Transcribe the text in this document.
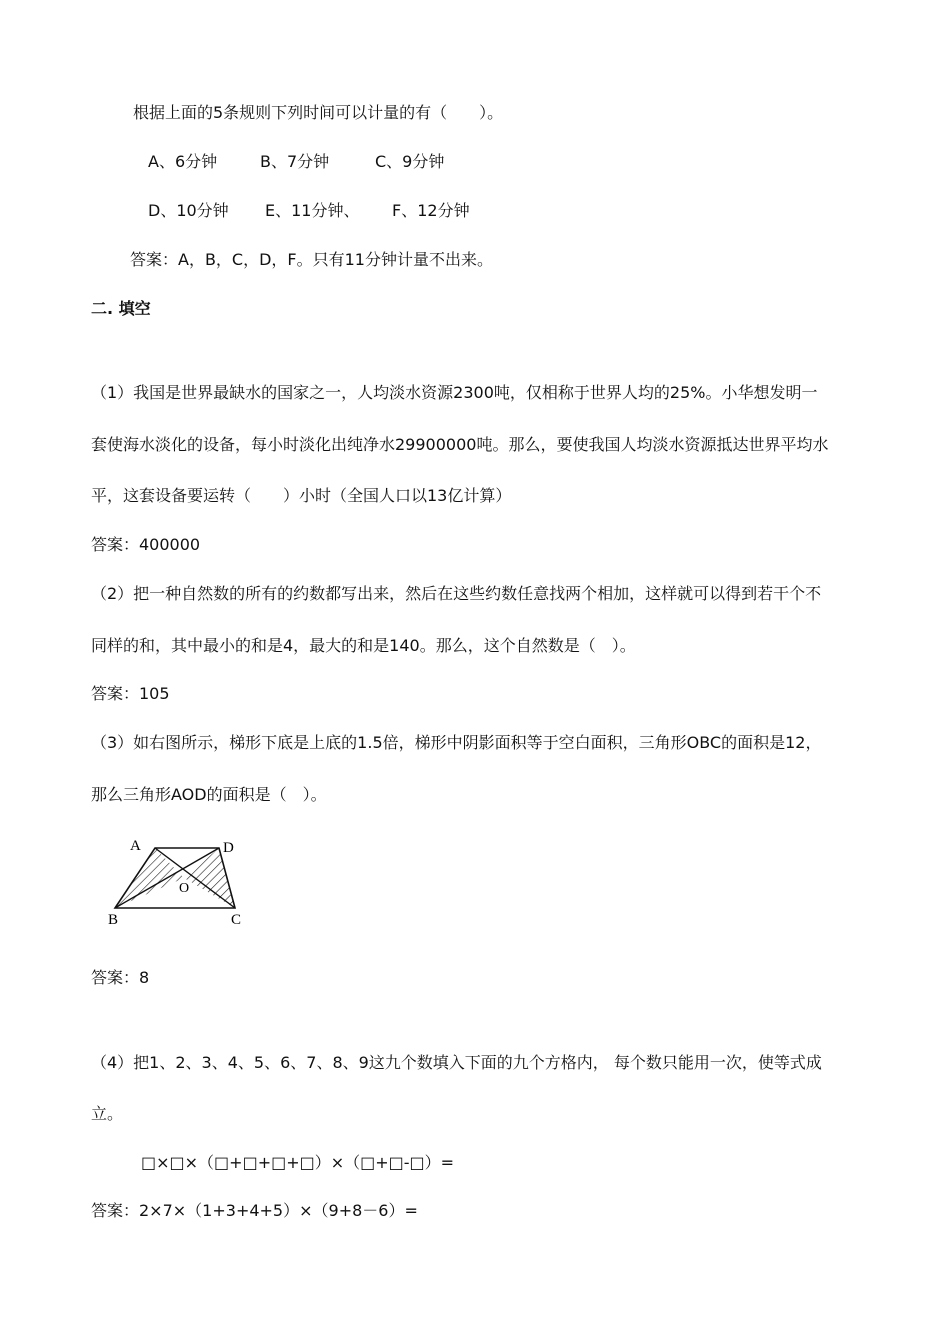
根据上面的5条规则下列时间可以计量的有（　　）。
A、6分钟	B、7分钟	C、9分钟
D、10分钟 E、11分钟、 F、12分钟
答案：A，B，C，D，F。只有11分钟计量不出来。
二. 填空
（1）我国是世界最缺水的国家之一，人均淡水资源2300吨，仅相称于世界人均的25%。小华想发明一
套使海水淡化的设备，每小时淡化出纯净水29900000吨。那么，要使我国人均淡水资源抵达世界平均水
平，这套设备要运转（　　）小时（全国人口以13亿计算）
答案：400000
（2）把一种自然数的所有的约数都写出来，然后在这些约数任意找两个相加，这样就可以得到若干个不
同样的和，其中最小的和是4，最大的和是140。那么，这个自然数是（　）。
答案：105
（3）如右图所示，梯形下底是上底的1.5倍，梯形中阴影面积等于空白面积，三角形OBC的面积是12，
那么三角形AOD的面积是（　）。
A	D
O
B	C
答案：8
（4）把1、2、3、4、5、6、7、8、9这九个数填入下面的九个方格内， 每个数只能用一次，使等式成
立。
□×□×（□+□+□+□）×（□+□-□）=
答案：2×7×（1+3+4+5）×（9+8－6）=
